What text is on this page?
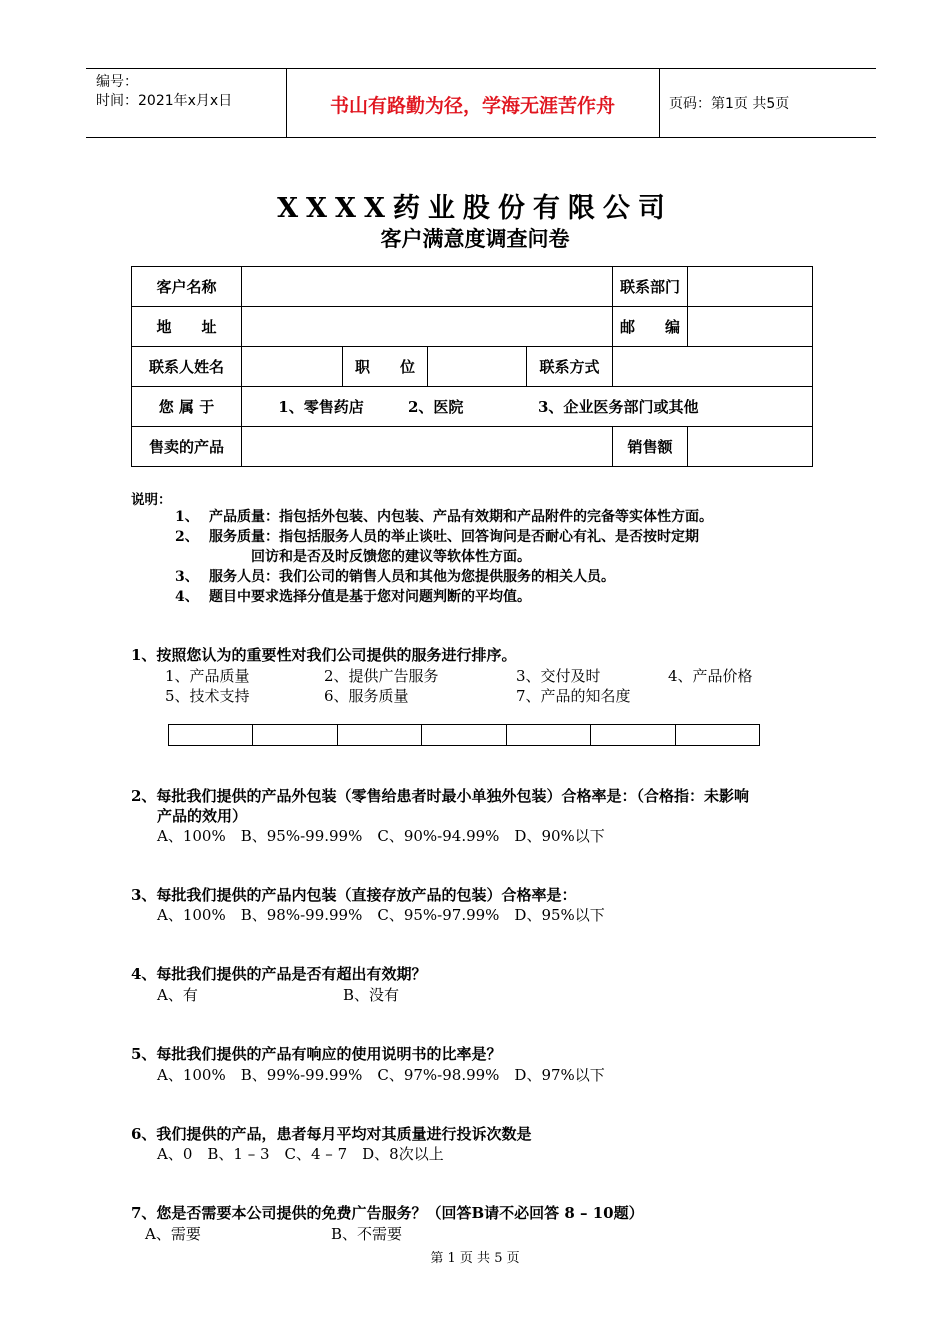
编号：
时间：2021年x月x日	书山有路勤为径，学海无涯苦作舟	页码：第1页 共5页
XXXX药业股份有限公司
客户满意度调查问卷
客户名称					联系部门	
地　　址					邮　　编	
联系人姓名		职　　位		联系方式		
您 属 于	1、零售药店 2、医院 3、企业医务部门或其他					
售卖的产品					销售额	
说明：
1、 产品质量：指包括外包装、内包装、产品有效期和产品附件的完备等实体性方面。
2、 服务质量：指包括服务人员的举止谈吐、回答询问是否耐心有礼、是否按时定期
回访和是否及时反馈您的建议等软体性方面。
3、 服务人员：我们公司的销售人员和其他为您提供服务的相关人员。
4、 题目中要求选择分值是基于您对问题判断的平均值。
1、按照您认为的重要性对我们公司提供的服务进行排序。
1、产品质量	2、提供广告服务	3、交付及时	4、产品价格
5、技术支持	6、服务质量	7、产品的知名度
2、每批我们提供的产品外包装（零售给患者时最小单独外包装）合格率是：（合格指：未影响
产品的效用）
A、100%　B、95%-99.99%　C、90%-94.99%　D、90%以下
3、每批我们提供的产品内包装（直接存放产品的包装）合格率是：
A、100%　B、98%-99.99%　C、95%-97.99%　D、95%以下
4、每批我们提供的产品是否有超出有效期？
A、有	B、没有
5、每批我们提供的产品有响应的使用说明书的比率是？
A、100%　B、99%-99.99%　C、97%-98.99%　D、97%以下
6、我们提供的产品，患者每月平均对其质量进行投诉次数是
A、0　B、1 – 3　C、4 – 7　D、8次以上
7、您是否需要本公司提供的免费广告服务？（回答B请不必回答 8 – 10题）
A、需要	B、不需要
第 1 页 共 5 页
